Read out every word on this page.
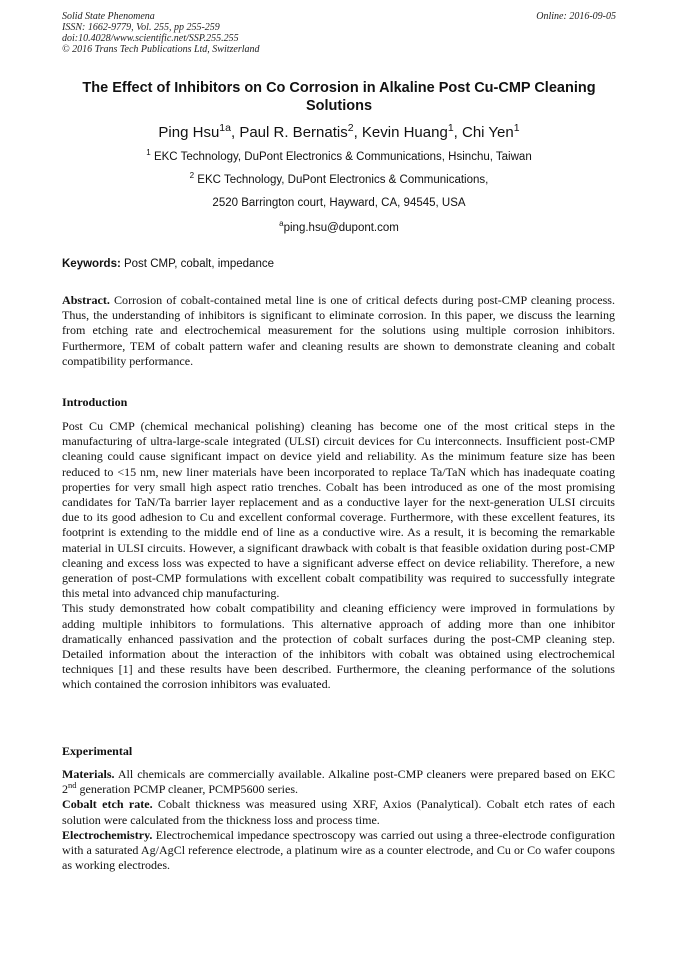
Solid State Phenomena
ISSN: 1662-9779, Vol. 255, pp 255-259
doi:10.4028/www.scientific.net/SSP.255.255
© 2016 Trans Tech Publications Ltd, Switzerland
Online: 2016-09-05
The Effect of Inhibitors on Co Corrosion in Alkaline Post Cu-CMP Cleaning Solutions
Ping Hsu$^{1a}$, Paul R. Bernatis$^2$, Kevin Huang$^1$, Chi Yen$^1$
$^1$ EKC Technology, DuPont Electronics & Communications, Hsinchu, Taiwan
$^2$ EKC Technology, DuPont Electronics & Communications,
2520 Barrington court, Hayward, CA, 94545, USA
$^a$ping.hsu@dupont.com
Keywords: Post CMP, cobalt, impedance

Abstract. Corrosion of cobalt-contained metal line is one of critical defects during post-CMP cleaning process. Thus, the understanding of inhibitors is significant to eliminate corrosion. In this paper, we discuss the learning from etching rate and electrochemical measurement for the solutions using multiple corrosion inhibitors. Furthermore, TEM of cobalt pattern wafer and cleaning results are shown to demonstrate cleaning and cobalt compatibility performance.

Introduction

Post Cu CMP (chemical mechanical polishing) cleaning has become one of the most critical steps in the manufacturing of ultra-large-scale integrated (ULSI) circuit devices for Cu interconnects. Insufficient post-CMP cleaning could cause significant impact on device yield and reliability. As the minimum feature size has been reduced to <15 nm, new liner materials have been incorporated to replace Ta/TaN which has inadequate coating properties for very small high aspect ratio trenches. Cobalt has been introduced as one of the most promising candidates for TaN/Ta barrier layer replacement and as a conductive layer for the next-generation ULSI circuits due to its good adhesion to Cu and excellent conformal coverage. Furthermore, with these excellent features, its footprint is extending to the middle end of line as a conductive wire. As a result, it is becoming the remarkable material in ULSI circuits. However, a significant drawback with cobalt is that feasible oxidation during post-CMP cleaning and excess loss was expected to have a significant adverse effect on device reliability. Therefore, a new generation of post-CMP formulations with excellent cobalt compatibility was required to successfully integrate this metal into advanced chip manufacturing.

This study demonstrated how cobalt compatibility and cleaning efficiency were improved in formulations by adding multiple inhibitors to formulations. This alternative approach of adding more than one inhibitor dramatically enhanced passivation and the protection of cobalt surfaces during the post-CMP cleaning step. Detailed information about the interaction of the inhibitors with cobalt was obtained using electrochemical techniques [1] and these results have been described. Furthermore, the cleaning performance of the solutions which contained the corrosion inhibitors was evaluated.

Experimental

Materials. All chemicals are commercially available. Alkaline post-CMP cleaners were prepared based on EKC 2nd generation PCMP cleaner, PCMP5600 series.

Cobalt etch rate. Cobalt thickness was measured using XRF, Axios (Panalytical). Cobalt etch rates of each solution were calculated from the thickness loss and process time.

Electrochemistry. Electrochemical impedance spectroscopy was carried out using a three-electrode configuration with a saturated Ag/AgCl reference electrode, a platinum wire as a counter electrode, and Cu or Co wafer coupons as working electrodes.
